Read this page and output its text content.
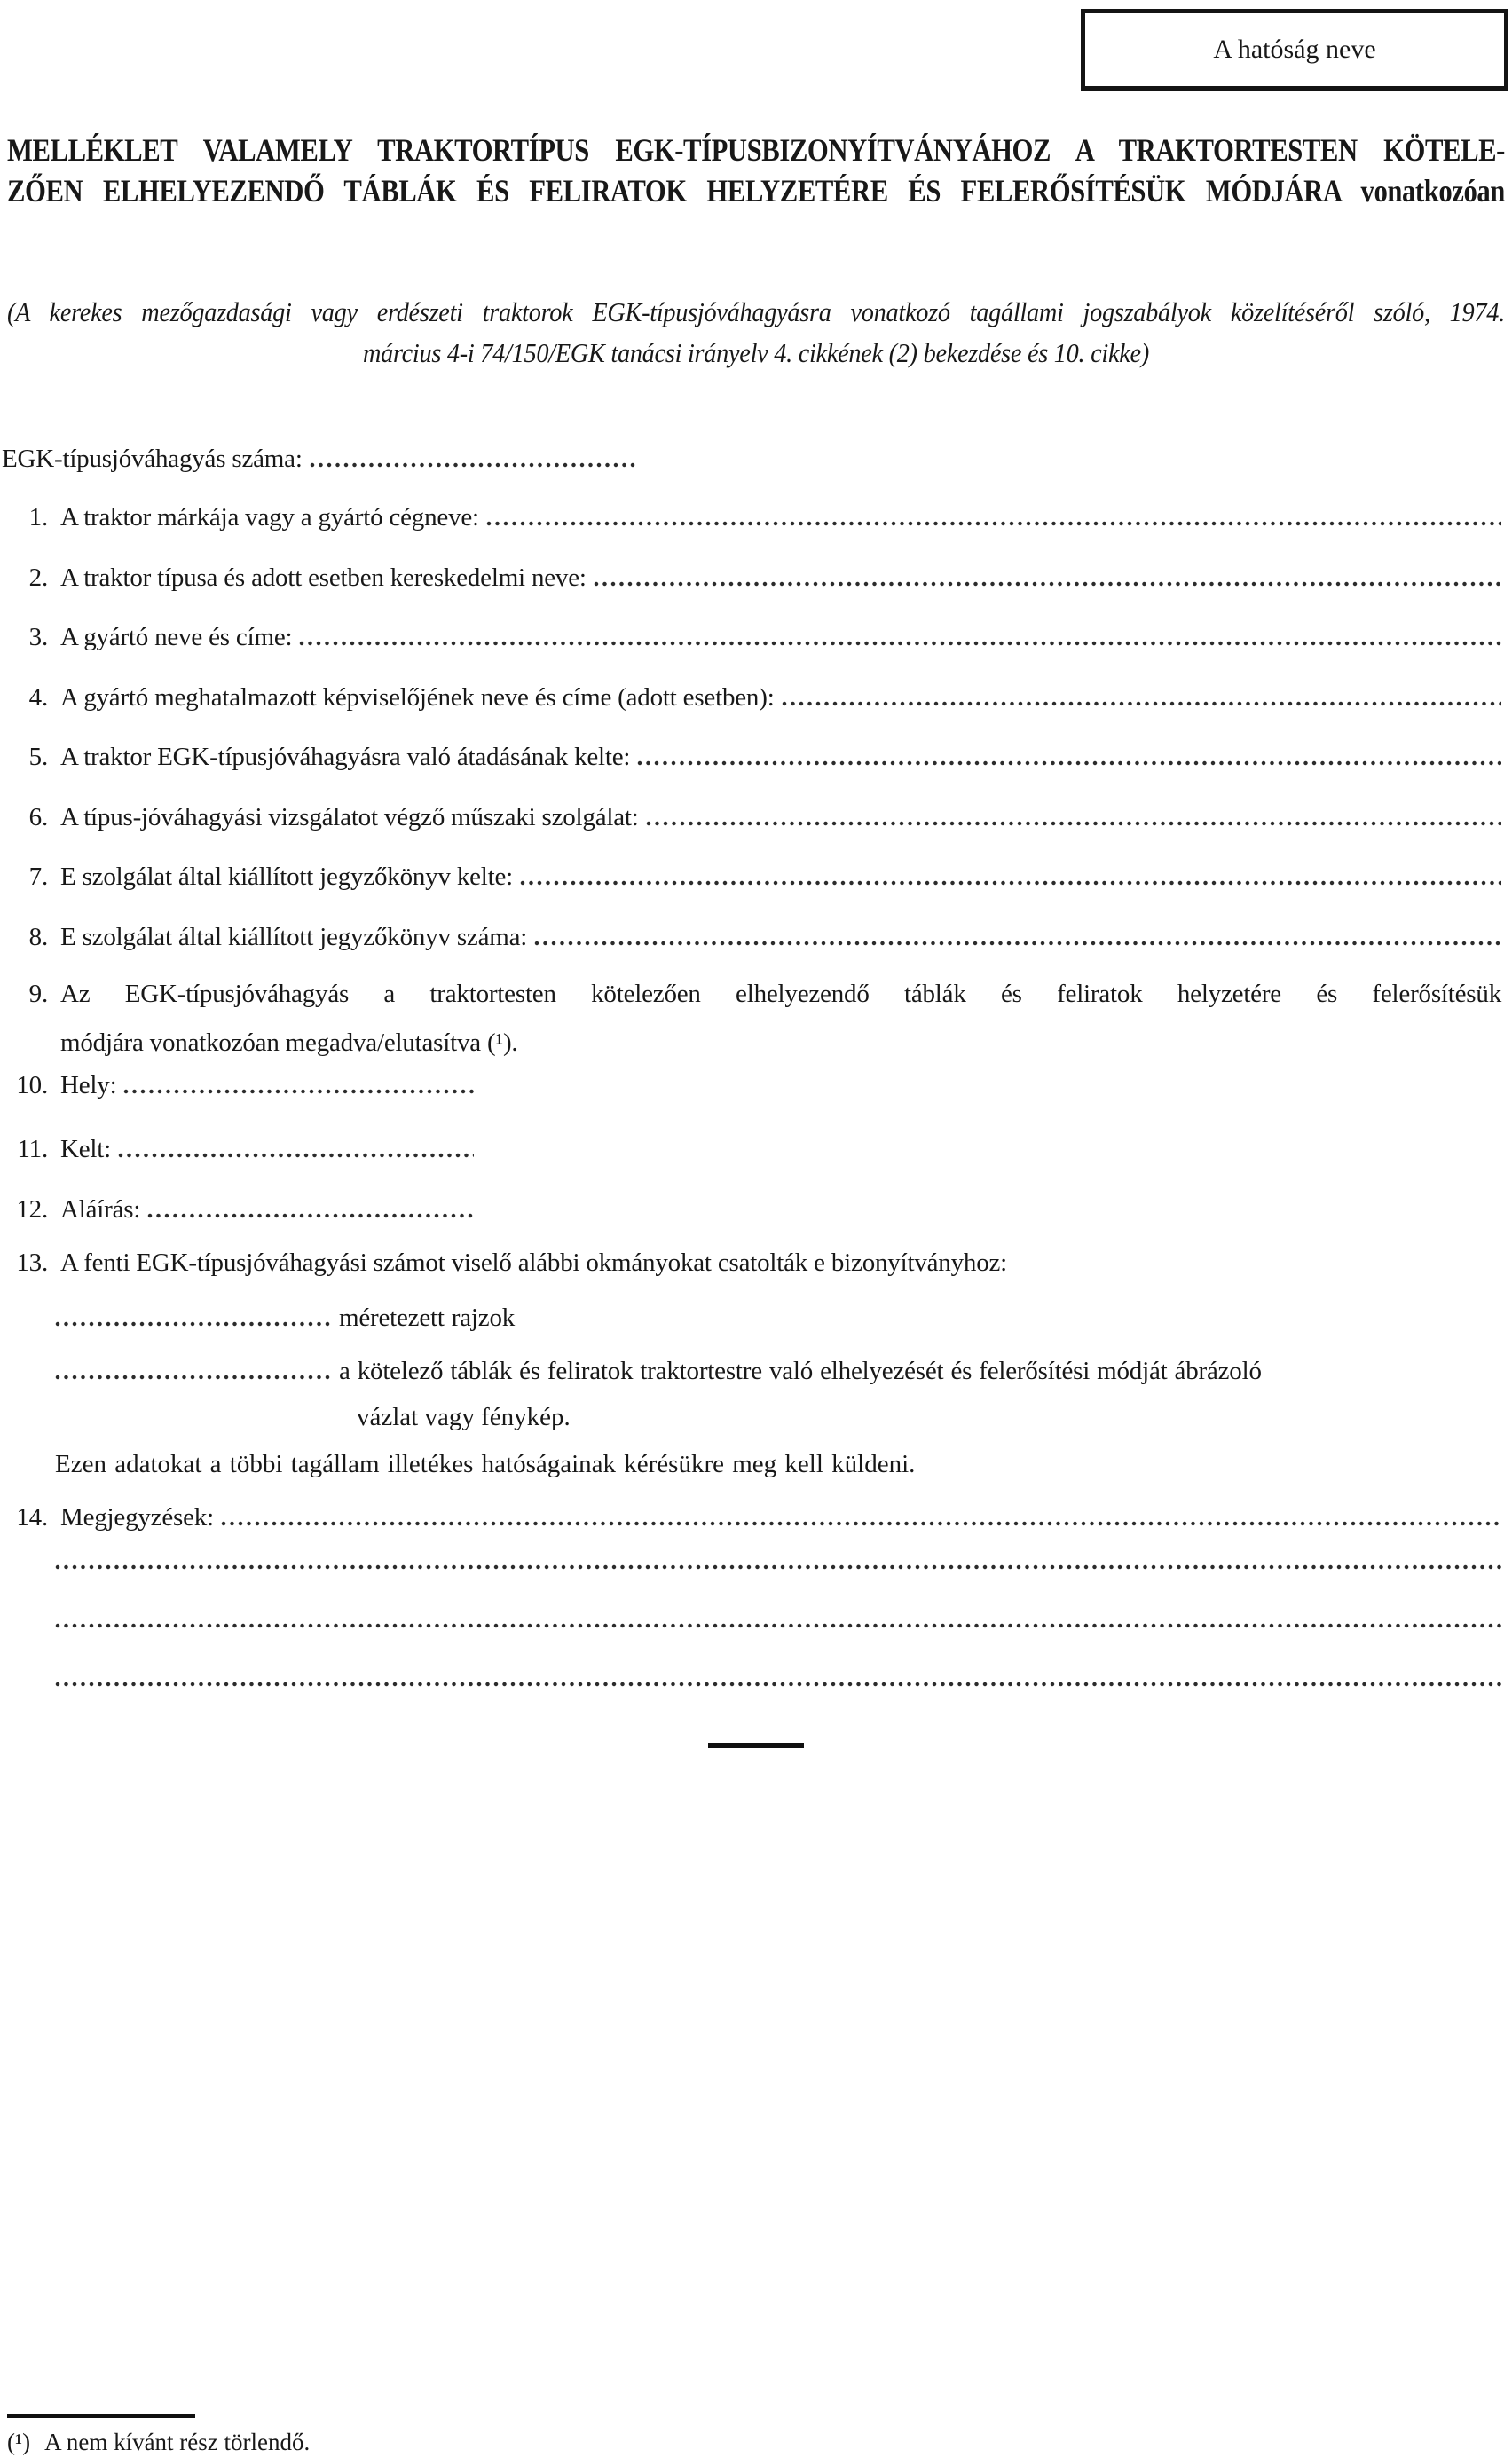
A hatóság neve
MELLÉKLET VALAMELY TRAKTORTÍPUS EGK-TÍPUSBIZONYÍTVÁNYÁHOZ A TRAKTORTESTEN KÖTELE-
ZŐEN ELHELYEZENDŐ TÁBLÁK ÉS FELIRATOK HELYZETÉRE ÉS FELERŐSÍTÉSÜK MÓDJÁRA vonatkozóan
(A kerekes mezőgazdasági vagy erdészeti traktorok EGK-típusjóváhagyásra vonatkozó tagállami jogszabályok közelítéséről szóló, 1974.
március 4-i 74/150/EGK tanácsi irányelv 4. cikkének (2) bekezdése és 10. cikke)
EGK-típusjóváhagyás száma:
1. A traktor márkája vagy a gyártó cégneve:
2. A traktor típusa és adott esetben kereskedelmi neve:
3. A gyártó neve és címe:
4. A gyártó meghatalmazott képviselőjének neve és címe (adott esetben):
5. A traktor EGK-típusjóváhagyásra való átadásának kelte:
6. A típus-jóváhagyási vizsgálatot végző műszaki szolgálat:
7. E szolgálat által kiállított jegyzőkönyv kelte:
8. E szolgálat által kiállított jegyzőkönyv száma:
9. Az EGK-típusjóváhagyás a traktortesten kötelezően elhelyezendő táblák és feliratok helyzetére és felerősítésük
módjára vonatkozóan megadva/elutasítva (¹).
10. Hely:
11. Kelt:
12. Aláírás:
13. A fenti EGK-típusjóváhagyási számot viselő alábbi okmányokat csatolták e bizonyítványhoz:
méretezett rajzok
a kötelező táblák és feliratok traktortestre való elhelyezését és felerősítési módját ábrázoló
vázlat vagy fénykép.
Ezen adatokat a többi tagállam illetékes hatóságainak kérésükre meg kell küldeni.
14. Megjegyzések:
(¹) A nem kívánt rész törlendő.
